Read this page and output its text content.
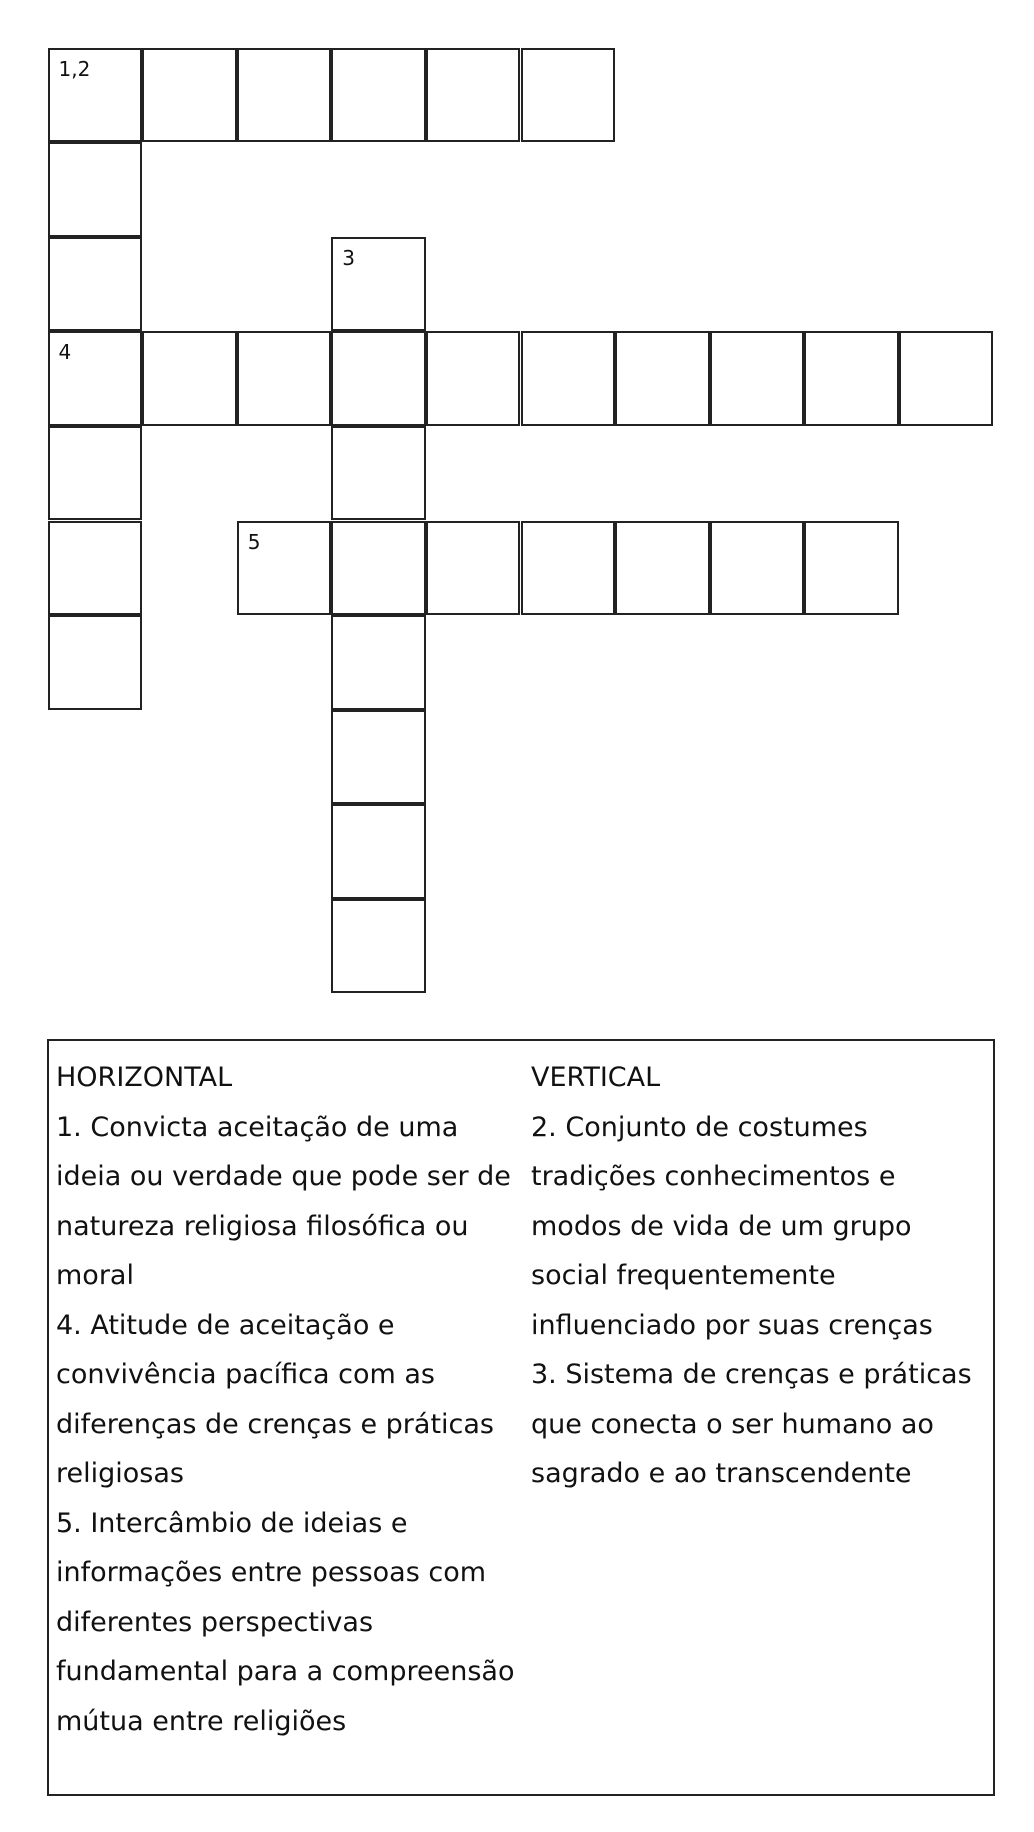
1,2
4
5
3
HORIZONTAL
1. Convicta aceitação de uma ideia ou verdade que pode ser de natureza religiosa filosófica ou moral
4. Atitude de aceitação e convivência pacífica com as diferenças de crenças e práticas religiosas
5. Intercâmbio de ideias e informações entre pessoas com diferentes perspectivas fundamental para a compreensão mútua entre religiões
VERTICAL
2. Conjunto de costumes tradições conhecimentos e modos de vida de um grupo social frequentemente influenciado por suas crenças
3. Sistema de crenças e práticas que conecta o ser humano ao sagrado e ao transcendente
